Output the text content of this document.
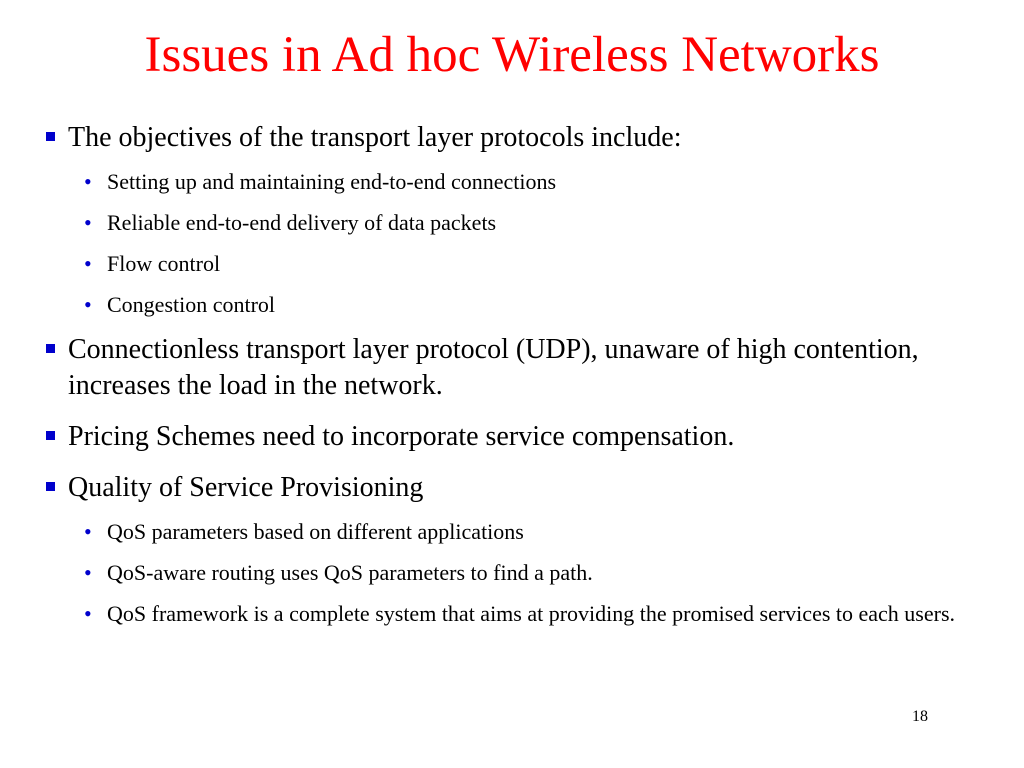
Issues in Ad hoc Wireless Networks
The objectives of the transport layer protocols include:
• Setting up and maintaining end-to-end connections
• Reliable end-to-end delivery of data packets
• Flow control
• Congestion control
Connectionless transport layer protocol (UDP), unaware of high contention, increases the load in the network.
Pricing Schemes need to incorporate service compensation.
Quality of Service Provisioning
• QoS parameters based on different applications
• QoS-aware routing uses QoS parameters to find a path.
• QoS framework is a complete system that aims at providing the promised services to each users.
18
